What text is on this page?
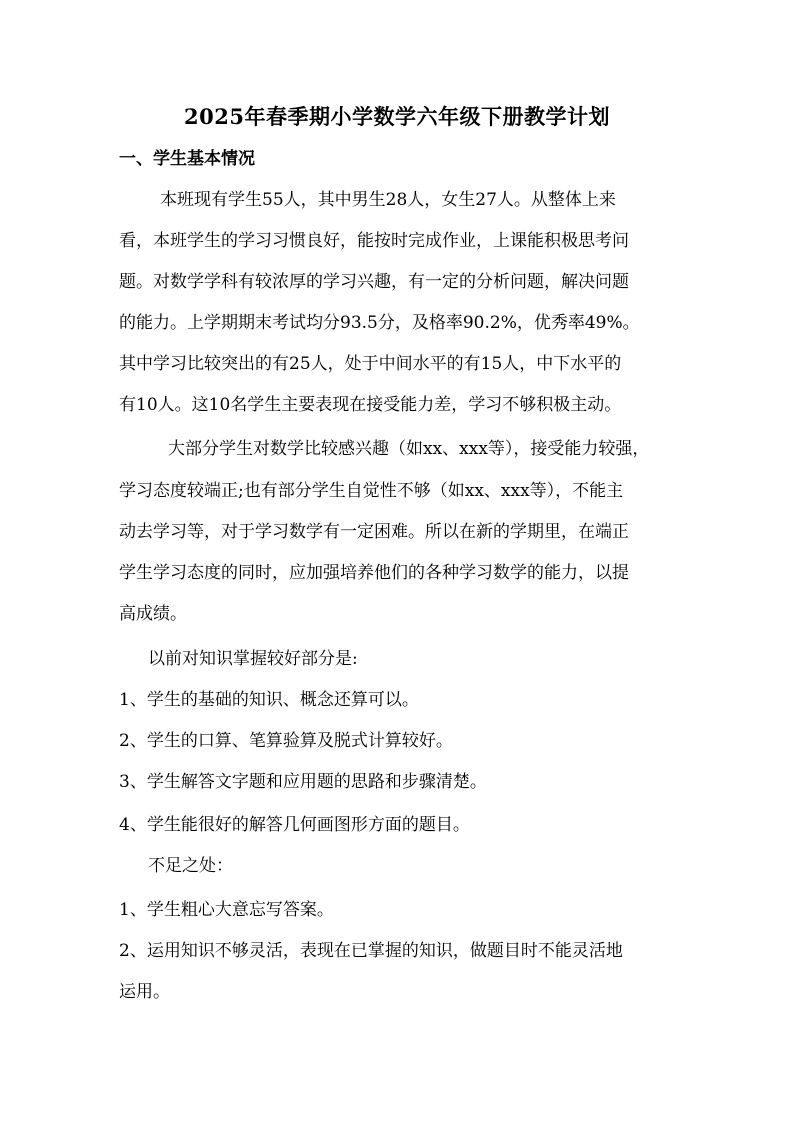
2025年春季期小学数学六年级下册教学计划
一、学生基本情况
本班现有学生55人，其中男生28人，女生27人。从整体上来
看，本班学生的学习习惯良好，能按时完成作业，上课能积极思考问
题。对数学学科有较浓厚的学习兴趣，有一定的分析问题，解决问题
的能力。上学期期末考试均分93.5分，及格率90.2%，优秀率49%。
其中学习比较突出的有25人，处于中间水平的有15人，中下水平的
有10人。这10名学生主要表现在接受能力差，学习不够积极主动。
大部分学生对数学比较感兴趣（如xx、xxx等），接受能力较强，
学习态度较端正;也有部分学生自觉性不够（如xx、xxx等），不能主
动去学习等，对于学习数学有一定困难。所以在新的学期里，在端正
学生学习态度的同时，应加强培养他们的各种学习数学的能力，以提
高成绩。
以前对知识掌握较好部分是:
1、学生的基础的知识、概念还算可以。
2、学生的口算、笔算验算及脱式计算较好。
3、学生解答文字题和应用题的思路和步骤清楚。
4、学生能很好的解答几何画图形方面的题目。
不足之处：
1、学生粗心大意忘写答案。
2、运用知识不够灵活，表现在已掌握的知识，做题目时不能灵活地
运用。
